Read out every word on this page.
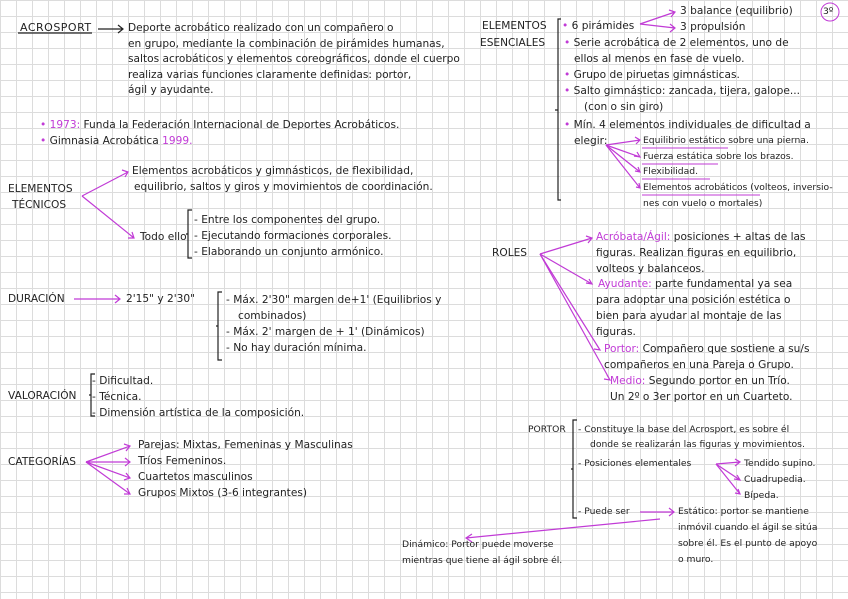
ACROSPORT	Deporte acrobático realizado con un compañero o

en grupo, mediante la combinación de pirámides humanas,

saltos acrobáticos y elementos coreográficos, donde el cuerpo

realiza varias funciones claramente definidas: portor,

ágil y ayudante.

• 1973: Funda la Federación Internacional de Deportes Acrobáticos.
• Gimnasia Acrobática 1999.
ELEMENTOS
TÉCNICOS
Elementos acrobáticos y gimnásticos, de flexibilidad,
equilibrio, saltos y giros y movimientos de coordinación.
Todo ello
- Entre los componentes del grupo.
- Ejecutando formaciones corporales.
- Elaborando un conjunto armónico.
DURACIÓN	2'15" y 2'30"	- Máx. 2'30" margen de+1' (Equilibrios y
combinados)
- Máx. 2' margen de + 1' (Dinámicos)
- No hay duración mínima.
VALORACIÓN
- Dificultad.
- Técnica.
- Dimensión artística de la composición.
CATEGORÍAS
Parejas: Mixtas, Femeninas y Masculinas
Tríos Femeninos.
Cuartetos masculinos
Grupos Mixtos (3-6 integrantes)
ELEMENTOS
ESENCIALES
• 6 pirámides
3 balance (equilibrio)	3º
3 propulsión
• Serie acrobática de 2 elementos, uno de
ellos al menos en fase de vuelo.
• Grupo de piruetas gimnásticas.
• Salto gimnástico: zancada, tijera, galope...
(con o sin giro)
• Mín. 4 elementos individuales de dificultad a
elegir:	Equilibrio estático sobre una pierna.
Fuerza estática sobre los brazos.
Flexibilidad.
Elementos acrobáticos (volteos, inversio-
nes con vuelo o mortales)
ROLES
Acróbata/Ágil: posiciones + altas de las
figuras. Realizan figuras en equilibrio,
volteos y balanceos.
Ayudante: parte fundamental ya sea
para adoptar una posición estética o
bien para ayudar al montaje de las
figuras.
Portor: Compañero que sostiene a su/s
compañeros en una Pareja o Grupo.
Medio: Segundo portor en un Trío.
Un 2º o 3er portor en un Cuarteto.
PORTOR - Constituye la base del Acrosport, es sobre él
donde se realizarán las figuras y movimientos.
- Posiciones elementales	Tendido supino.
Cuadrupedia.
Bípeda.
- Puede ser	Estático: portor se mantiene
inmóvil cuando el ágil se sitúa
sobre él. Es el punto de apoyo
o muro.
Dinámico: Portor puede moverse
mientras que tiene al ágil sobre él.
